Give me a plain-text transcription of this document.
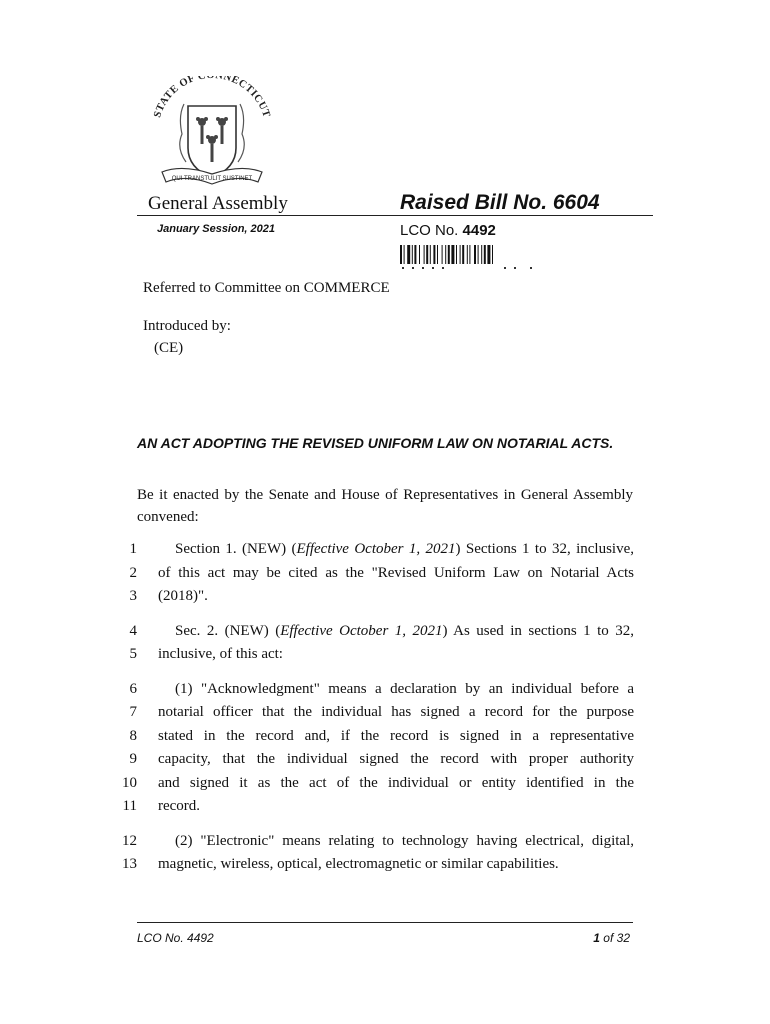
STATE OF C NECTICUT
QUI TRANSTULIT SUSTINET
General Assembly	Raised Bill No. 6604
January Session, 2021	LCO No. 4492
Referred to Committee on COMMERCE
Introduced by:
(CE)
AN ACT ADOPTING THE REVISED UNIFORM LAW ON NOTARIAL ACTS.
Be it enacted by the Senate and House of Representatives in General Assembly convened:
1	Section 1. (NEW) (Effective October 1, 2021) Sections 1 to 32, inclusive,
2 of this act may be cited as the "Revised Uniform Law on Notarial Acts
3 (2018)".
4	Sec. 2. (NEW) (Effective October 1, 2021) As used in sections 1 to 32,
5 inclusive, of this act:
6	(1) "Acknowledgment" means a declaration by an individual before a
7 notarial officer that the individual has signed a record for the purpose
8 stated in the record and, if the record is signed in a representative
9 capacity, that the individual signed the record with proper authority
10 and signed it as the act of the individual or entity identified in the
11 record.
12	(2) "Electronic" means relating to technology having electrical, digital,
13 magnetic, wireless, optical, electromagnetic or similar capabilities.
LCO No. 4492	1 of 32
